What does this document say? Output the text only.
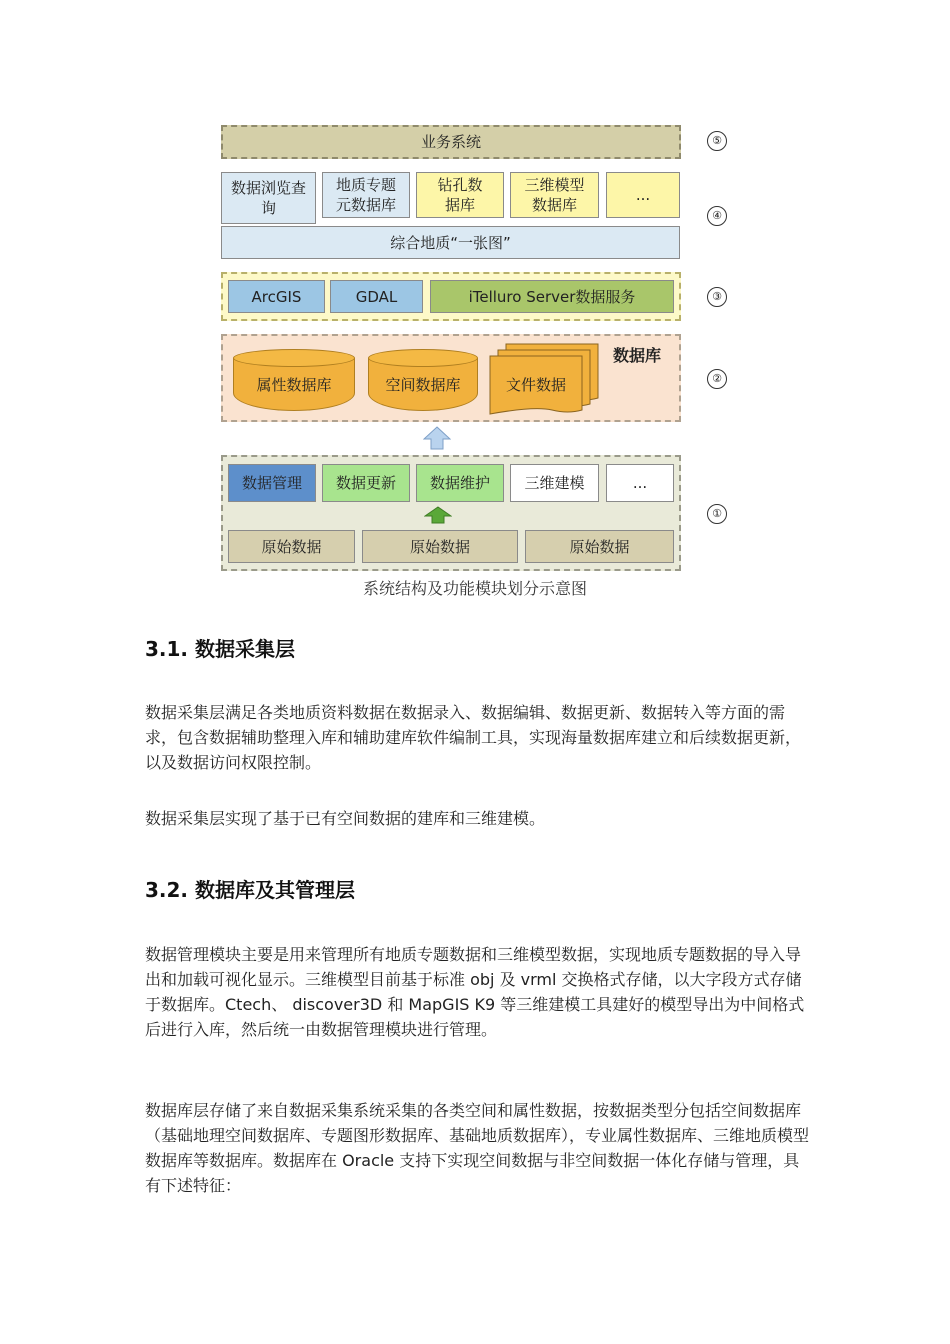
业务系统	⑤
数据浏览查询
地质专题元数据库
钻孔数据库
三维模型数据库
...
综合地质“一张图”
④
ArcGIS	GDAL	iTelluro Server数据服务	③
数据库
属性数据库	空间数据库	文件数据	②
数据管理	数据更新	数据维护	三维建模	...
原始数据	原始数据	原始数据
①
系统结构及功能模块划分示意图
3.1. 数据采集层

数据采集层满足各类地质资料数据在数据录入、数据编辑、数据更新、数据转入等方面的需求，包含数据辅助整理入库和辅助建库软件编制工具，实现海量数据库建立和后续数据更新，以及数据访问权限控制。

数据采集层实现了基于已有空间数据的建库和三维建模。

3.2. 数据库及其管理层

数据管理模块主要是用来管理所有地质专题数据和三维模型数据，实现地质专题数据的导入导出和加载可视化显示。三维模型目前基于标准 obj 及 vrml 交换格式存储，以大字段方式存储于数据库。Ctech、 discover3D 和 MapGIS K9 等三维建模工具建好的模型导出为中间格式后进行入库，然后统一由数据管理模块进行管理。

数据库层存储了来自数据采集系统采集的各类空间和属性数据，按数据类型分包括空间数据库（基础地理空间数据库、专题图形数据库、基础地质数据库），专业属性数据库、三维地质模型数据库等数据库。数据库在 Oracle 支持下实现空间数据与非空间数据一体化存储与管理，具有下述特征：
